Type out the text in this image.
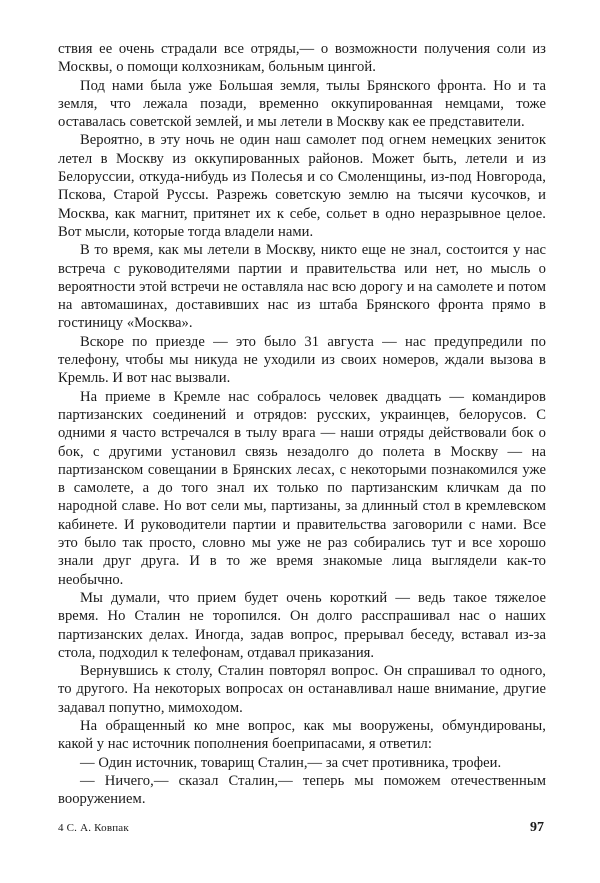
ствия ее очень страдали все отряды,— о возможности получения соли из Москвы, о помощи колхозникам, больным цингой.

Под нами была уже Большая земля, тылы Брянского фронта. Но и та земля, что лежала позади, временно оккупированная немцами, тоже оставалась советской землей, и мы летели в Москву как ее представители.

Вероятно, в эту ночь не один наш самолет под огнем немецких зениток летел в Москву из оккупированных районов. Может быть, летели и из Белоруссии, откуда-нибудь из Полесья и со Смоленщины, из-под Новгорода, Пскова, Старой Руссы. Разрежь советскую землю на тысячи кусочков, и Москва, как магнит, притянет их к себе, сольет в одно неразрывное целое. Вот мысли, которые тогда владели нами.

В то время, как мы летели в Москву, никто еще не знал, состоится у нас встреча с руководителями партии и правительства или нет, но мысль о вероятности этой встречи не оставляла нас всю дорогу и на самолете и потом на автомашинах, доставивших нас из штаба Брянского фронта прямо в гостиницу «Москва».

Вскоре по приезде — это было 31 августа — нас предупредили по телефону, чтобы мы никуда не уходили из своих номеров, ждали вызова в Кремль. И вот нас вызвали.

На приеме в Кремле нас собралось человек двадцать — командиров партизанских соединений и отрядов: русских, украинцев, белорусов. С одними я часто встречался в тылу врага — наши отряды действовали бок о бок, с другими установил связь незадолго до полета в Москву — на партизанском совещании в Брянских лесах, с некоторыми познакомился уже в самолете, а до того знал их только по партизанским кличкам да по народной славе. Но вот сели мы, партизаны, за длинный стол в кремлевском кабинете. И руководители партии и правительства заговорили с нами. Все это было так просто, словно мы уже не раз собирались тут и все хорошо знали друг друга. И в то же время знакомые лица выглядели как-то необычно.

Мы думали, что прием будет очень короткий — ведь такое тяжелое время. Но Сталин не торопился. Он долго расспрашивал нас о наших партизанских делах. Иногда, задав вопрос, прерывал беседу, вставал из-за стола, подходил к телефонам, отдавал приказания.

Вернувшись к столу, Сталин повторял вопрос. Он спрашивал то одного, то другого. На некоторых вопросах он останавливал наше внимание, другие задавал попутно, мимоходом.

На обращенный ко мне вопрос, как мы вооружены, обмундированы, какой у нас источник пополнения боеприпасами, я ответил:

— Один источник, товарищ Сталин,— за счет противника, трофеи.

— Ничего,— сказал Сталин,— теперь мы поможем отечественным вооружением.

4 С. А. Ковпак	97
